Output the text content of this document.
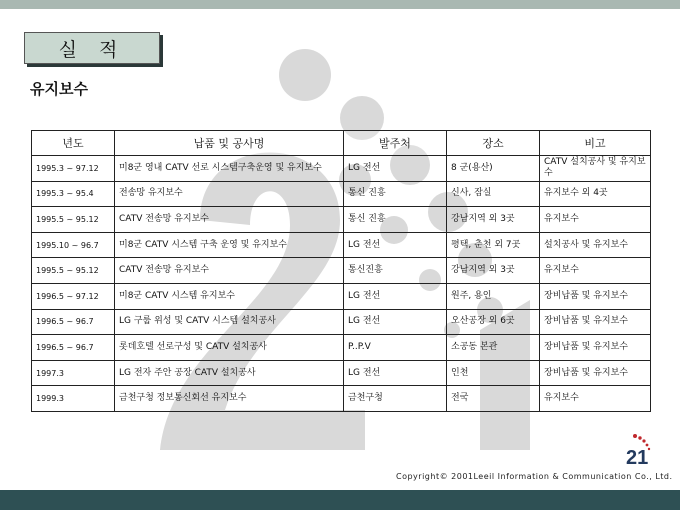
실 적
유지보수
년도	납품 및 공사명	발주처	장소	비고
1995.3 ~ 97.12	미8군 영내 CATV 선로 시스템구축운영 및 유지보수	LG 전선	8 군(용산)	CATV 설치공사 및 유지보수
1995.3 ~ 95.4	전송망 유지보수	통신 진흥	신사, 잠실	유지보수 외 4곳
1995.5 ~ 95.12	CATV 전송망 유지보수	통신 진흥	강남지역 외 3곳	유지보수
1995.10 ~ 96.7	미8군 CATV 시스템 구축 운영 및 유지보수	LG 전선	평택, 춘천 외 7곳	설치공사 및 유지보수
1995.5 ~ 95.12	CATV 전송망 유지보수	통신진흥	강남지역 외 3곳	유지보수
1996.5 ~ 97.12	미8군 CATV 시스템 유지보수	LG 전선	원주, 용인	장비납품 및 유지보수
1996.5 ~ 96.7	LG 구룹 위성 및 CATV 시스템 설치공사	LG 전선	오산공장 외 6곳	장비납품 및 유지보수
1996.5 ~ 96.7	롯데호텔 선로구성 및 CATV 설치공사	P..P.V	소공동 본관	장비납품 및 유지보수
1997.3	LG 전자 주안 공장 CATV 설치공사	LG 전선	인천	장비납품 및 유지보수
1999.3	금천구청 정보통신회선 유지보수	금천구청	전국	유지보수
Copyright© 2001Leeil Information & Communication Co., Ltd.
21
